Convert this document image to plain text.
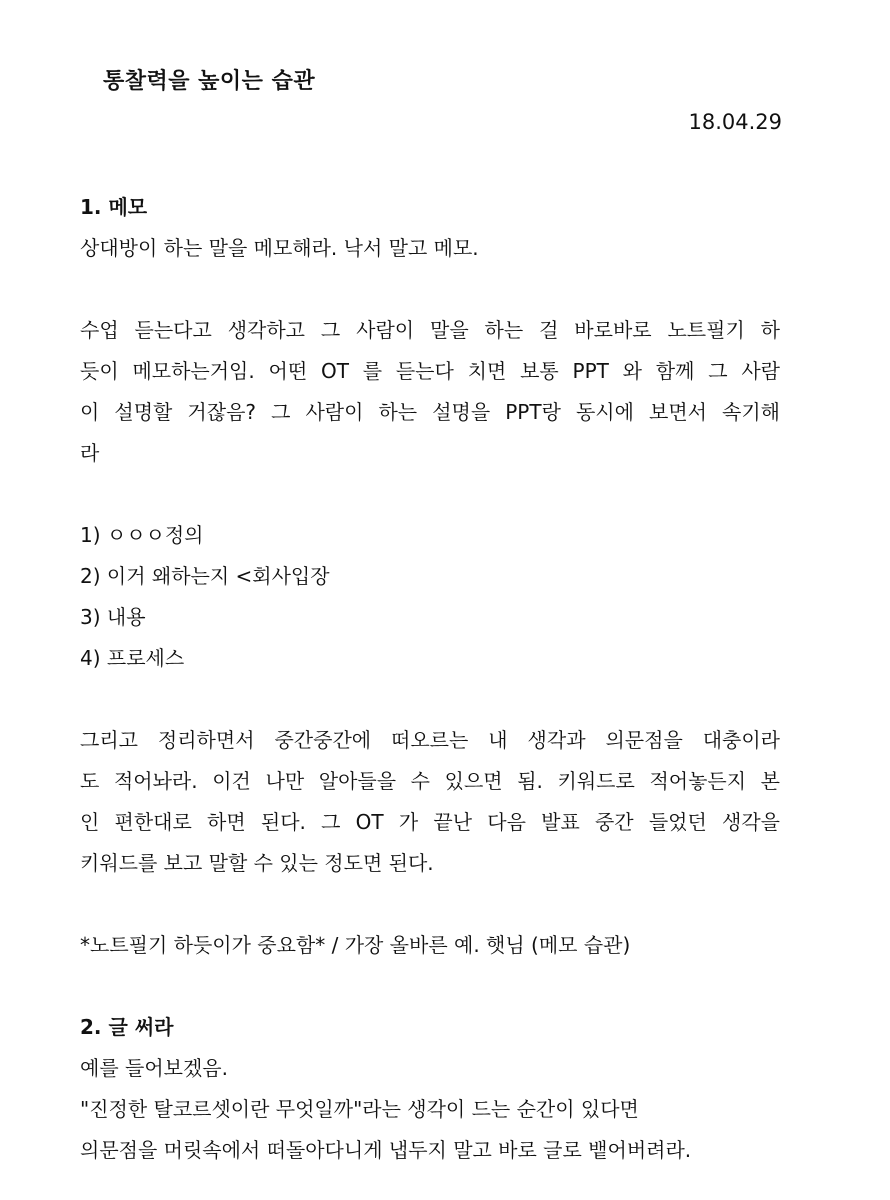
통찰력을 높이는 습관
18.04.29
1. 메모
상대방이 하는 말을 메모해라. 낙서 말고 메모.
수업 듣는다고 생각하고 그 사람이 말을 하는 걸 바로바로 노트필기 하
듯이 메모하는거임. 어떤 OT 를 듣는다 치면 보통 PPT 와 함께 그 사람
이 설명할 거잖음? 그 사람이 하는 설명을 PPT랑 동시에 보면서 속기해
라
1) ㅇㅇㅇ정의
2) 이거 왜하는지 <회사입장
3) 내용
4) 프로세스
그리고 정리하면서 중간중간에 떠오르는 내 생각과 의문점을 대충이라
도 적어놔라. 이건 나만 알아들을 수 있으면 됨. 키워드로 적어놓든지 본
인 편한대로 하면 된다. 그 OT 가 끝난 다음 발표 중간 들었던 생각을
키워드를 보고 말할 수 있는 정도면 된다.
*노트필기 하듯이가 중요함* / 가장 올바른 예. 햇님 (메모 습관)
2. 글 써라
예를 들어보겠음.
"진정한 탈코르셋이란 무엇일까"라는 생각이 드는 순간이 있다면
의문점을 머릿속에서 떠돌아다니게 냅두지 말고 바로 글로 뱉어버려라.
